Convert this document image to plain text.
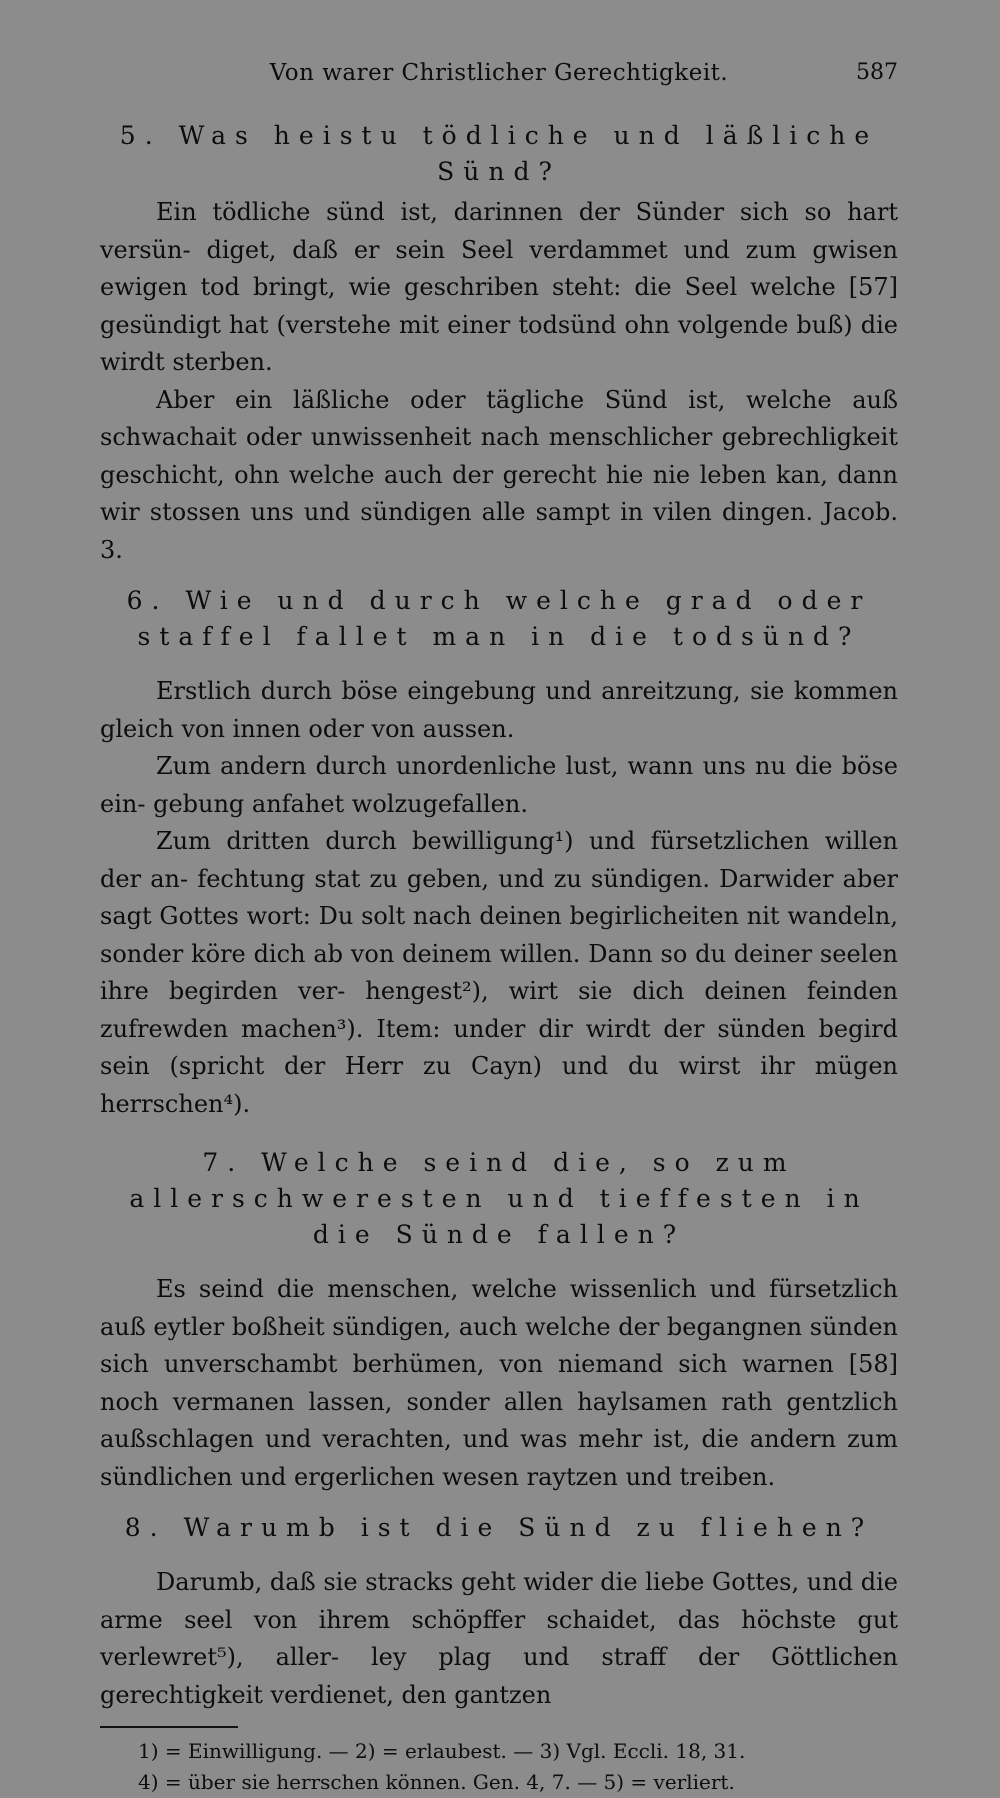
Von warer Christlicher Gerechtigkeit.	587
5. Was heistu tödliche und läßliche Sünd?

Ein tödliche sünd ist, darinnen der Sünder sich so hart versün- diget, daß er sein Seel verdammet und zum gwisen ewigen tod bringt, wie geschriben steht: die Seel welche [57] gesündigt hat (verstehe mit einer todsünd ohn volgende buß) die wirdt sterben.

Aber ein läßliche oder tägliche Sünd ist, welche auß schwachait oder unwissenheit nach menschlicher gebrechligkeit geschicht, ohn welche auch der gerecht hie nie leben kan, dann wir stossen uns und sündigen alle sampt in vilen dingen. Jacob. 3.

6. Wie und durch welche grad oder staffel fallet man in die todsünd?

Erstlich durch böse eingebung und anreitzung, sie kommen gleich von innen oder von aussen.

Zum andern durch unordenliche lust, wann uns nu die böse ein- gebung anfahet wolzugefallen.

Zum dritten durch bewilligung¹) und fürsetzlichen willen der an- fechtung stat zu geben, und zu sündigen. Darwider aber sagt Gottes wort: Du solt nach deinen begirlicheiten nit wandeln, sonder köre dich ab von deinem willen. Dann so du deiner seelen ihre begirden ver- hengest²), wirt sie dich deinen feinden zufrewden machen³). Item: under dir wirdt der sünden begird sein (spricht der Herr zu Cayn) und du wirst ihr mügen herrschen⁴).

7. Welche seind die, so zum allerschweresten und tieffesten in die Sünde fallen?

Es seind die menschen, welche wissenlich und fürsetzlich auß eytler boßheit sündigen, auch welche der begangnen sünden sich unverschambt berhümen, von niemand sich warnen [58] noch vermanen lassen, sonder allen haylsamen rath gentzlich außschlagen und verachten, und was mehr ist, die andern zum sündlichen und ergerlichen wesen raytzen und treiben.

8. Warumb ist die Sünd zu fliehen?

Darumb, daß sie stracks geht wider die liebe Gottes, und die arme seel von ihrem schöpffer schaidet, das höchste gut verlewret⁵), aller- ley plag und straff der Göttlichen gerechtigkeit verdienet, den gantzen

1) = Einwilligung. — 2) = erlaubest. — 3) Vgl. Eccli. 18, 31.

4) = über sie herrschen können. Gen. 4, 7. — 5) = verliert.
